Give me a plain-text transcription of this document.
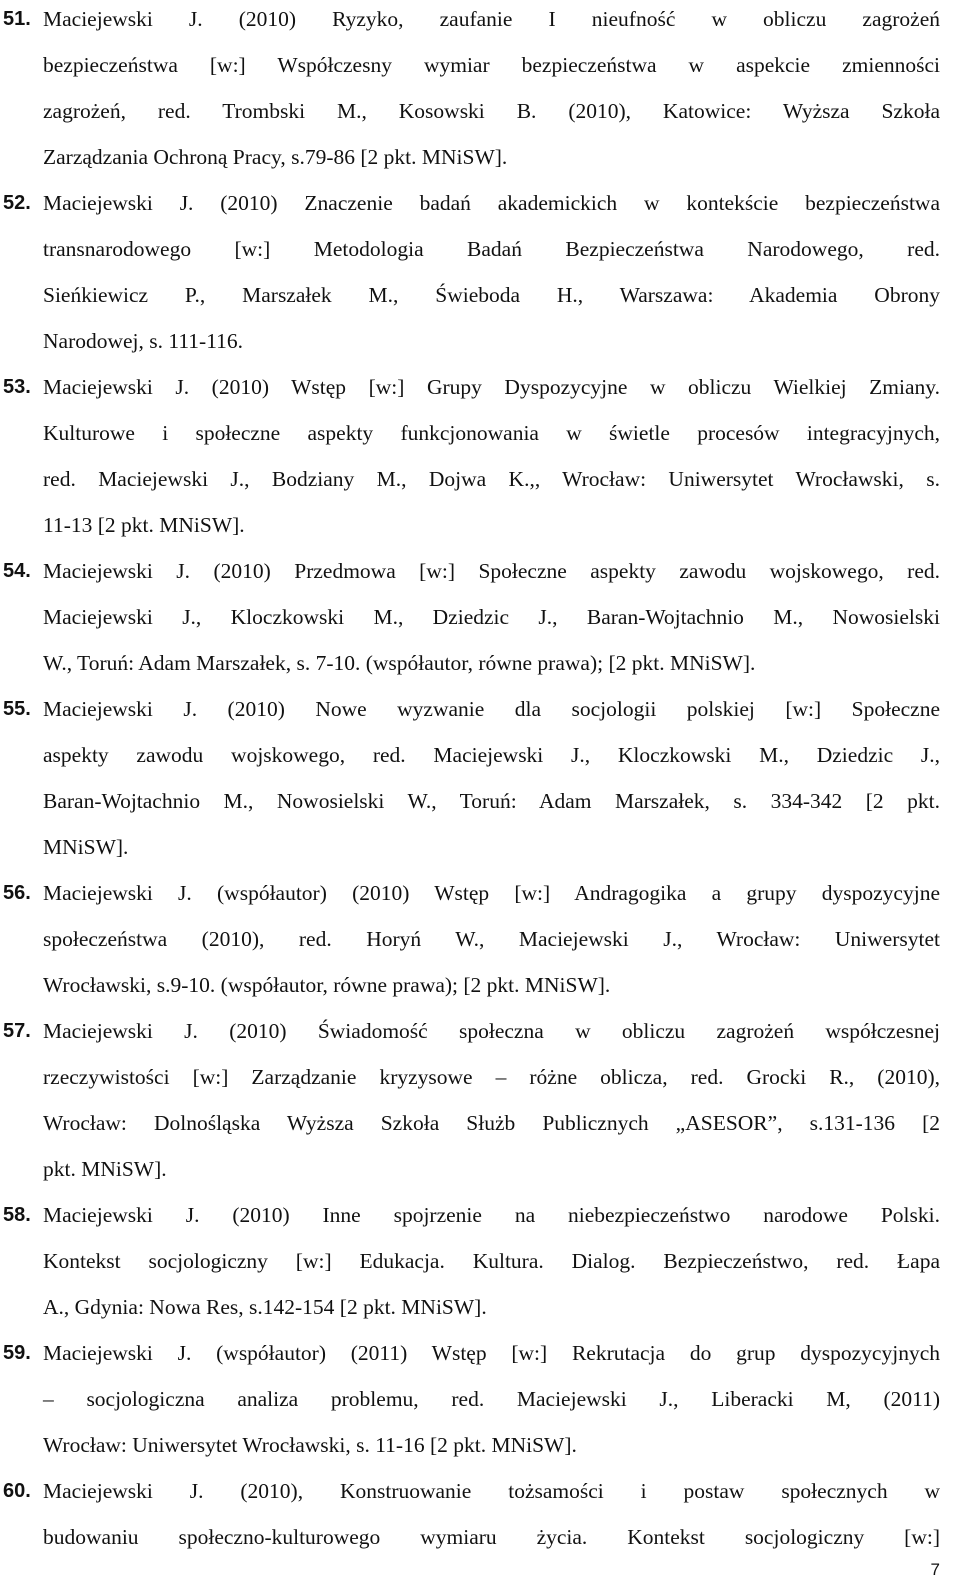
51. Maciejewski J. (2010) Ryzyko, zaufanie I nieufność w obliczu zagrożeń
bezpieczeństwa [w:] Współczesny wymiar bezpieczeństwa w aspekcie zmienności
zagrożeń, red. Trombski M., Kosowski B. (2010), Katowice: Wyższa Szkoła
Zarządzania Ochroną Pracy, s.79-86 [2 pkt. MNiSW].
52. Maciejewski J. (2010) Znaczenie badań akademickich w kontekście bezpieczeństwa
transnarodowego [w:] Metodologia Badań Bezpieczeństwa Narodowego, red.
Sieńkiewicz P., Marszałek M., Świeboda H., Warszawa: Akademia Obrony
Narodowej, s. 111-116.
53. Maciejewski J. (2010) Wstęp [w:] Grupy Dyspozycyjne w obliczu Wielkiej Zmiany.
Kulturowe i społeczne aspekty funkcjonowania w świetle procesów integracyjnych,
red. Maciejewski J., Bodziany M., Dojwa K.,, Wrocław: Uniwersytet Wrocławski, s.
11-13 [2 pkt. MNiSW].
54. Maciejewski J. (2010) Przedmowa [w:] Społeczne aspekty zawodu wojskowego, red.
Maciejewski J., Kloczkowski M., Dziedzic J., Baran-Wojtachnio M., Nowosielski
W., Toruń: Adam Marszałek, s. 7-10. (współautor, równe prawa); [2 pkt. MNiSW].
55. Maciejewski J. (2010) Nowe wyzwanie dla socjologii polskiej [w:] Społeczne
aspekty zawodu wojskowego, red. Maciejewski J., Kloczkowski M., Dziedzic J.,
Baran-Wojtachnio M., Nowosielski W., Toruń: Adam Marszałek, s. 334-342 [2 pkt.
MNiSW].
56. Maciejewski J. (współautor) (2010) Wstęp [w:] Andragogika a grupy dyspozycyjne
społeczeństwa (2010), red. Horyń W., Maciejewski J., Wrocław: Uniwersytet
Wrocławski, s.9-10. (współautor, równe prawa); [2 pkt. MNiSW].
57. Maciejewski J. (2010) Świadomość społeczna w obliczu zagrożeń współczesnej
rzeczywistości [w:] Zarządzanie kryzysowe – różne oblicza, red. Grocki R., (2010),
Wrocław: Dolnośląska Wyższa Szkoła Służb Publicznych „ASESOR”, s.131-136 [2
pkt. MNiSW].
58. Maciejewski J. (2010) Inne spojrzenie na niebezpieczeństwo narodowe Polski.
Kontekst socjologiczny [w:] Edukacja. Kultura. Dialog. Bezpieczeństwo, red. Łapa
A., Gdynia: Nowa Res, s.142-154 [2 pkt. MNiSW].
59. Maciejewski J. (współautor) (2011) Wstęp [w:] Rekrutacja do grup dyspozycyjnych
– socjologiczna analiza problemu, red. Maciejewski J., Liberacki M, (2011)
Wrocław: Uniwersytet Wrocławski, s. 11-16 [2 pkt. MNiSW].
60. Maciejewski J. (2010), Konstruowanie tożsamości i postaw społecznych w
budowaniu społeczno-kulturowego wymiaru życia. Kontekst socjologiczny [w:]
7
